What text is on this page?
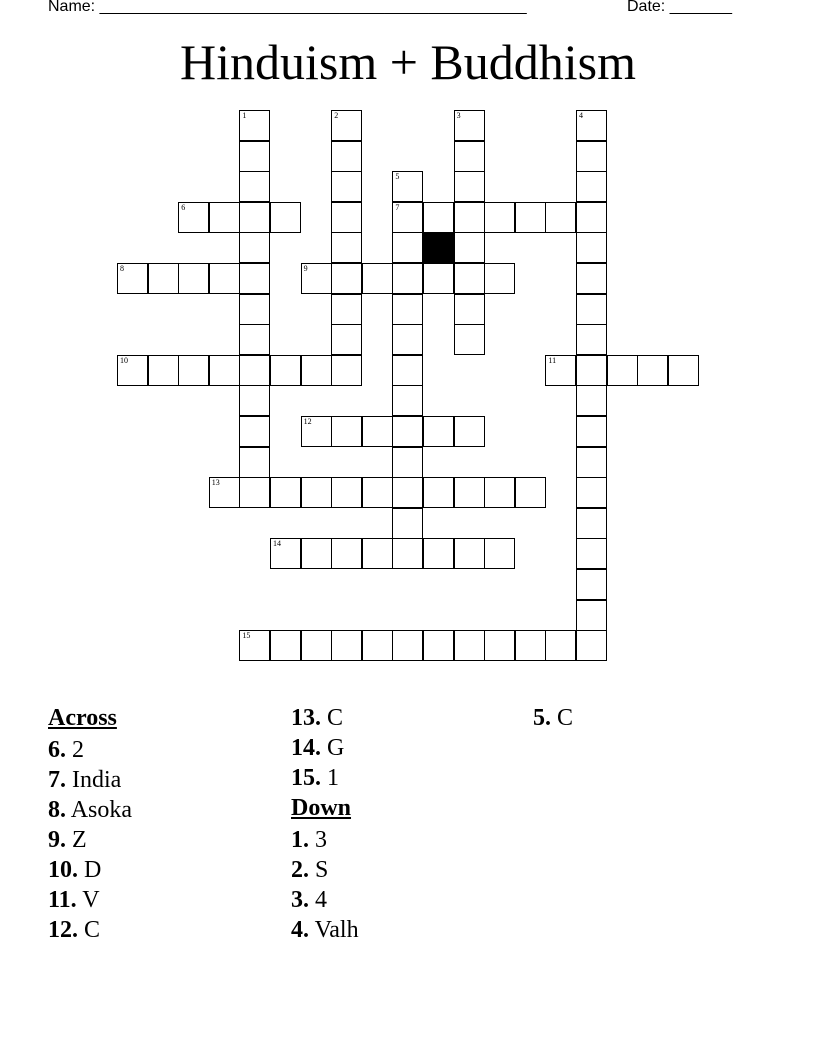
Name: ________________________________________________	Date: _______
Hinduism + Buddhism
1	2	3	4
5
7
6
8	9
10	11
12
13
14
15
Across
6. 2
7. India
8. Asoka
9. Z
10. D
11. V
12. C
13. C
14. G
15. 1
Down
1. 3
2. S
3. 4
4. Valh
5. C
